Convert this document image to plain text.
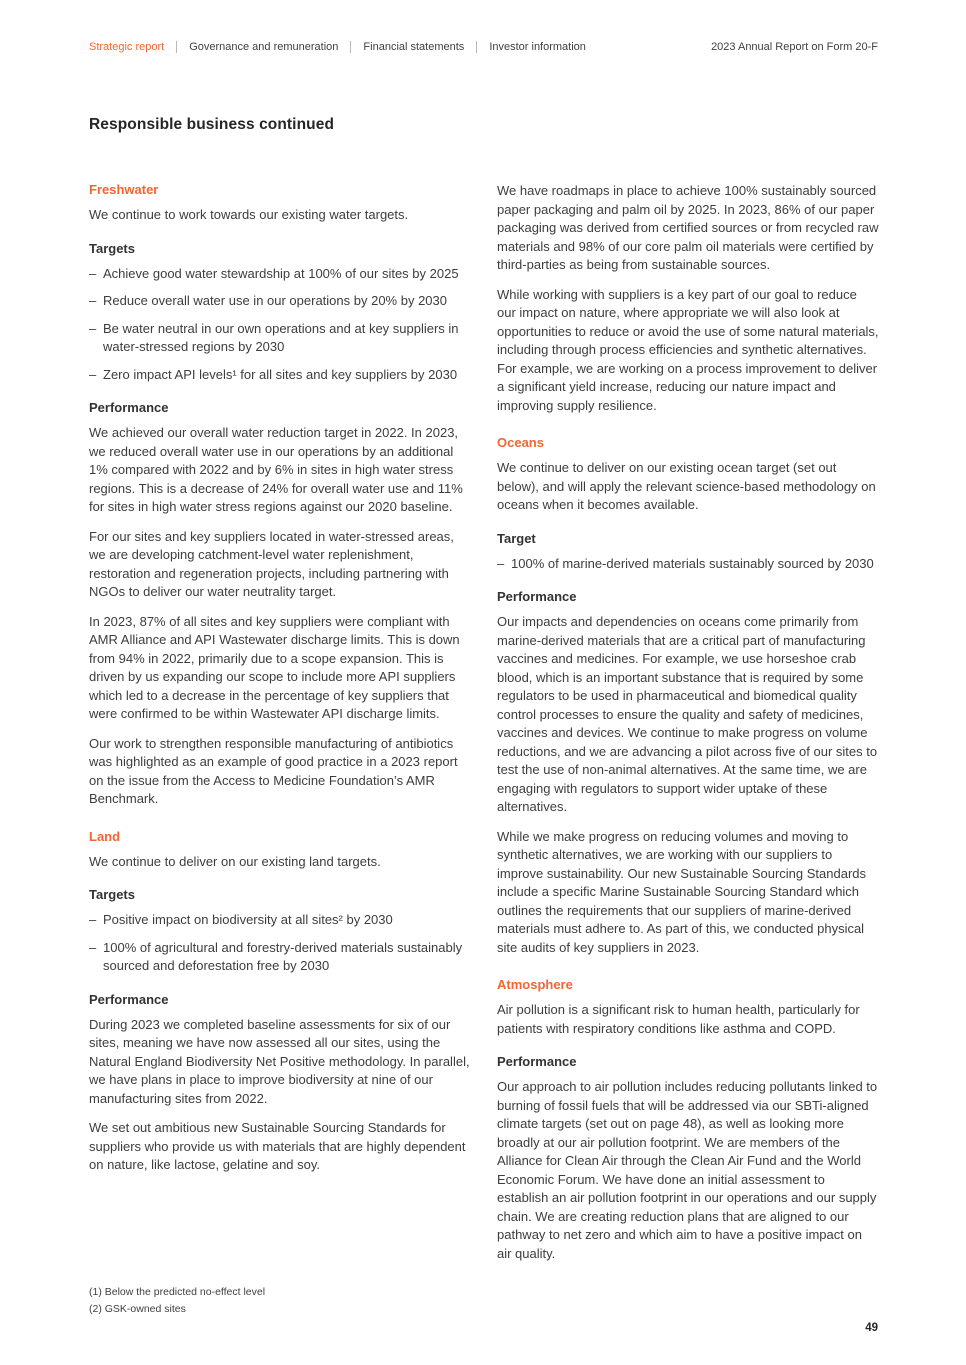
Strategic report Governance and remuneration Financial statements Investor information	2023 Annual Report on Form 20-F
Responsible business continued
Freshwater

We continue to work towards our existing water targets.

Targets
– Achieve good water stewardship at 100% of our sites by 2025
– Reduce overall water use in our operations by 20% by 2030
– Be water neutral in our own operations and at key suppliers in water-stressed regions by 2030
– Zero impact API levels¹ for all sites and key suppliers by 2030
Performance

We achieved our overall water reduction target in 2022. In 2023, we reduced overall water use in our operations by an additional 1% compared with 2022 and by 6% in sites in high water stress regions. This is a decrease of 24% for overall water use and 11% for sites in high water stress regions against our 2020 baseline.

For our sites and key suppliers located in water-stressed areas, we are developing catchment-level water replenishment, restoration and regeneration projects, including partnering with NGOs to deliver our water neutrality target.

In 2023, 87% of all sites and key suppliers were compliant with AMR Alliance and API Wastewater discharge limits. This is down from 94% in 2022, primarily due to a scope expansion. This is driven by us expanding our scope to include more API suppliers which led to a decrease in the percentage of key suppliers that were confirmed to be within Wastewater API discharge limits.

Our work to strengthen responsible manufacturing of antibiotics was highlighted as an example of good practice in a 2023 report on the issue from the Access to Medicine Foundation’s AMR Benchmark.

Land

We continue to deliver on our existing land targets.

Targets
– Positive impact on biodiversity at all sites² by 2030
– 100% of agricultural and forestry-derived materials sustainably sourced and deforestation free by 2030
Performance

During 2023 we completed baseline assessments for six of our sites, meaning we have now assessed all our sites, using the Natural England Biodiversity Net Positive methodology. In parallel, we have plans in place to improve biodiversity at nine of our manufacturing sites from 2022.

We set out ambitious new Sustainable Sourcing Standards for suppliers who provide us with materials that are highly dependent on nature, like lactose, gelatine and soy.

We have roadmaps in place to achieve 100% sustainably sourced paper packaging and palm oil by 2025. In 2023, 86% of our paper packaging was derived from certified sources or from recycled raw materials and 98% of our core palm oil materials were certified by third-parties as being from sustainable sources.

While working with suppliers is a key part of our goal to reduce our impact on nature, where appropriate we will also look at opportunities to reduce or avoid the use of some natural materials, including through process efficiencies and synthetic alternatives. For example, we are working on a process improvement to deliver a significant yield increase, reducing our nature impact and improving supply resilience.

Oceans

We continue to deliver on our existing ocean target (set out below), and will apply the relevant science-based methodology on oceans when it becomes available.

Target
– 100% of marine-derived materials sustainably sourced by 2030
Performance

Our impacts and dependencies on oceans come primarily from marine-derived materials that are a critical part of manufacturing vaccines and medicines. For example, we use horseshoe crab blood, which is an important substance that is required by some regulators to be used in pharmaceutical and biomedical quality control processes to ensure the quality and safety of medicines, vaccines and devices. We continue to make progress on volume reductions, and we are advancing a pilot across five of our sites to test the use of non-animal alternatives. At the same time, we are engaging with regulators to support wider uptake of these alternatives.

While we make progress on reducing volumes and moving to synthetic alternatives, we are working with our suppliers to improve sustainability. Our new Sustainable Sourcing Standards include a specific Marine Sustainable Sourcing Standard which outlines the requirements that our suppliers of marine-derived materials must adhere to. As part of this, we conducted physical site audits of key suppliers in 2023.

Atmosphere

Air pollution is a significant risk to human health, particularly for patients with respiratory conditions like asthma and COPD.

Performance

Our approach to air pollution includes reducing pollutants linked to burning of fossil fuels that will be addressed via our SBTi-aligned climate targets (set out on page 48), as well as looking more broadly at our air pollution footprint. We are members of the Alliance for Clean Air through the Clean Air Fund and the World Economic Forum. We have done an initial assessment to establish an air pollution footprint in our operations and our supply chain. We are creating reduction plans that are aligned to our pathway to net zero and which aim to have a positive impact on air quality.

(1) Below the predicted no-effect level
(2) GSK-owned sites
49
